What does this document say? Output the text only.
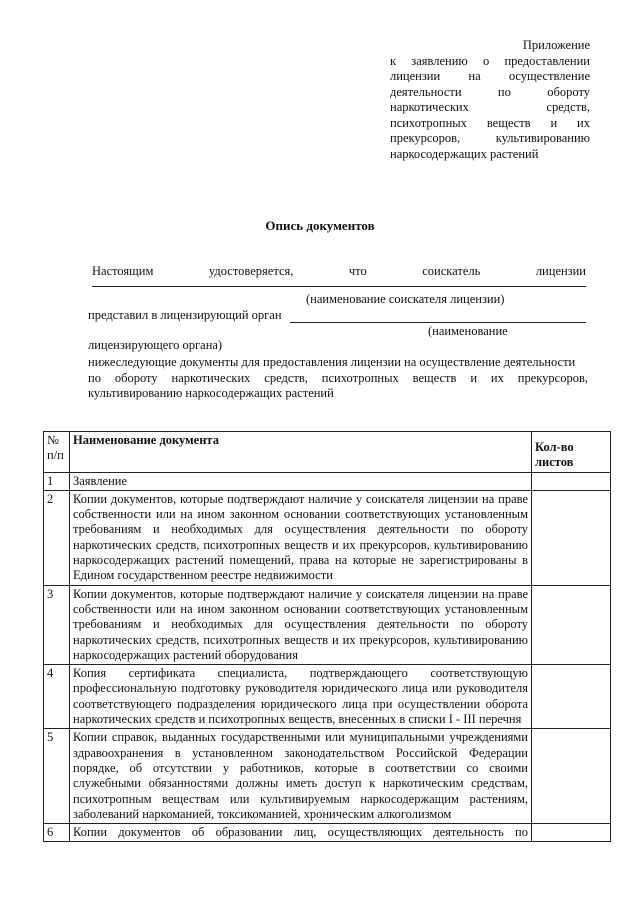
Приложение
к заявлению о предоставлении
лицензии на осуществление
деятельности по обороту
наркотических средств,
психотропных веществ и их
прекурсоров, культивированию
наркосодержащих растений
Опись документов
Настоящим удостоверяется, что соискатель лицензии
(наименование соискателя лицензии)
представил в лицензирующий орган
(наименование
лицензирующего органа)
нижеследующие документы для предоставления лицензии на осуществление деятельности
по обороту наркотических средств, психотропных веществ и их прекурсоров,
культивированию наркосодержащих растений
№ п/п	Наименование документа	Кол-во листов
1	Заявление	
2	Копии документов, которые подтверждают наличие у соискателя лицензии на праве собственности или на ином законном основании соответствующих установленным требованиям и необходимых для осуществления деятельности по обороту наркотических средств, психотропных веществ и их прекурсоров, культивированию наркосодержащих растений помещений, права на которые не зарегистрированы в Едином государственном реестре недвижимости	
3	Копии документов, которые подтверждают наличие у соискателя лицензии на праве собственности или на ином законном основании соответствующих установленным требованиям и необходимых для осуществления деятельности по обороту наркотических средств, психотропных веществ и их прекурсоров, культивированию наркосодержащих растений оборудования	
4	Копия сертификата специалиста, подтверждающего соответствующую профессиональную подготовку руководителя юридического лица или руководителя соответствующего подразделения юридического лица при осуществлении оборота наркотических средств и психотропных веществ, внесенных в списки I - III перечня	
5	Копии справок, выданных государственными или муниципальными учреждениями здравоохранения в установленном законодательством Российской Федерации порядке, об отсутствии у работников, которые в соответствии со своими служебными обязанностями должны иметь доступ к наркотическим средствам, психотропным веществам или культивируемым наркосодержащим растениям, заболеваний наркоманией, токсикоманией, хроническим алкоголизмом	
6	Копии документов об образовании лиц, осуществляющих деятельность по	
